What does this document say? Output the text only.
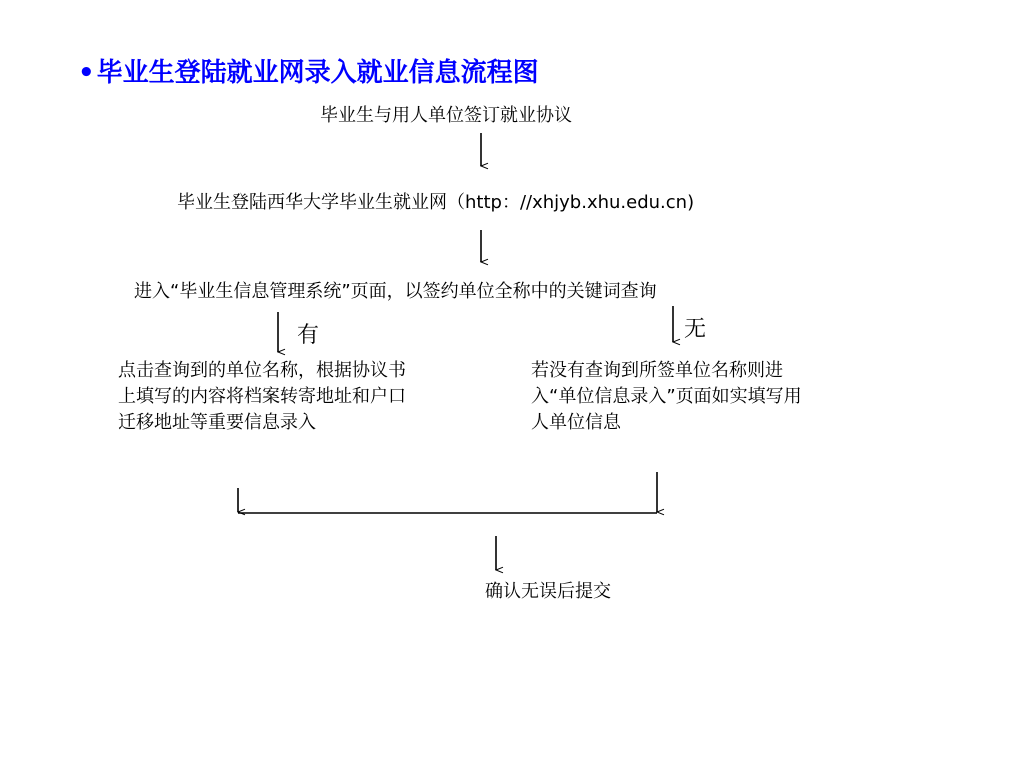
•毕业生登陆就业网录入就业信息流程图
毕业生与用人单位签订就业协议
毕业生登陆西华大学毕业生就业网（http：//xhjyb.xhu.edu.cn)
进入“毕业生信息管理系统”页面，以签约单位全称中的关键词查询
有	无
点击查询到的单位名称，根据协议书上填写的内容将档案转寄地址和户口迁移地址等重要信息录入
若没有查询到所签单位名称则进入“单位信息录入”页面如实填写用人单位信息
确认无误后提交
